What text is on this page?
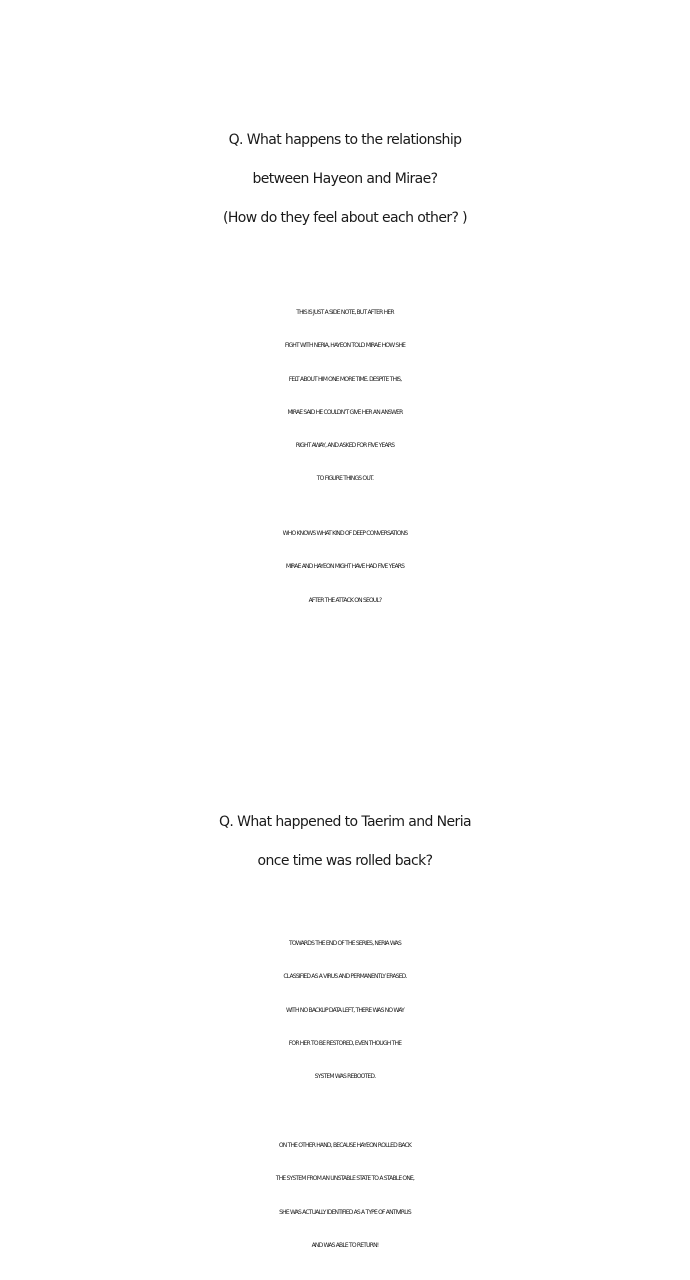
Q. What happens to the relationship
between Hayeon and Mirae?
(How do they feel about each other? )
THIS IS JUST A SIDE NOTE, BUT AFTER HER
FIGHT WITH NERIA, HAYEON TOLD MIRAE HOW SHE
FELT ABOUT HIM ONE MORE TIME. DESPITE THIS,
MIRAE SAID HE COULDN’T GIVE HER AN ANSWER
RIGHT AWAY, AND ASKED FOR FIVE YEARS
TO FIGURE THINGS OUT.
WHO KNOWS WHAT KIND OF DEEP CONVERSATIONS
MIRAE AND HAYEON MIGHT HAVE HAD FIVE YEARS
AFTER THE ATTACK ON SEOUL?
Q. What happened to Taerim and Neria
once time was rolled back?
TOWARDS THE END OF THE SERIES, NERIA WAS
CLASSIFIED AS A VIRUS AND PERMANENTLY ERASED.
WITH NO BACKUP DATA LEFT, THERE WAS NO WAY
FOR HER TO BE RESTORED, EVEN THOUGH THE
SYSTEM WAS REBOOTED.
ON THE OTHER HAND, BECAUSE HAYEON ROLLED BACK
THE SYSTEM FROM AN UNSTABLE STATE TO A STABLE ONE,
SHE WAS ACTUALLY IDENTIFIED AS A TYPE OF ANTIVIRUS
AND WAS ABLE TO RETURN!
